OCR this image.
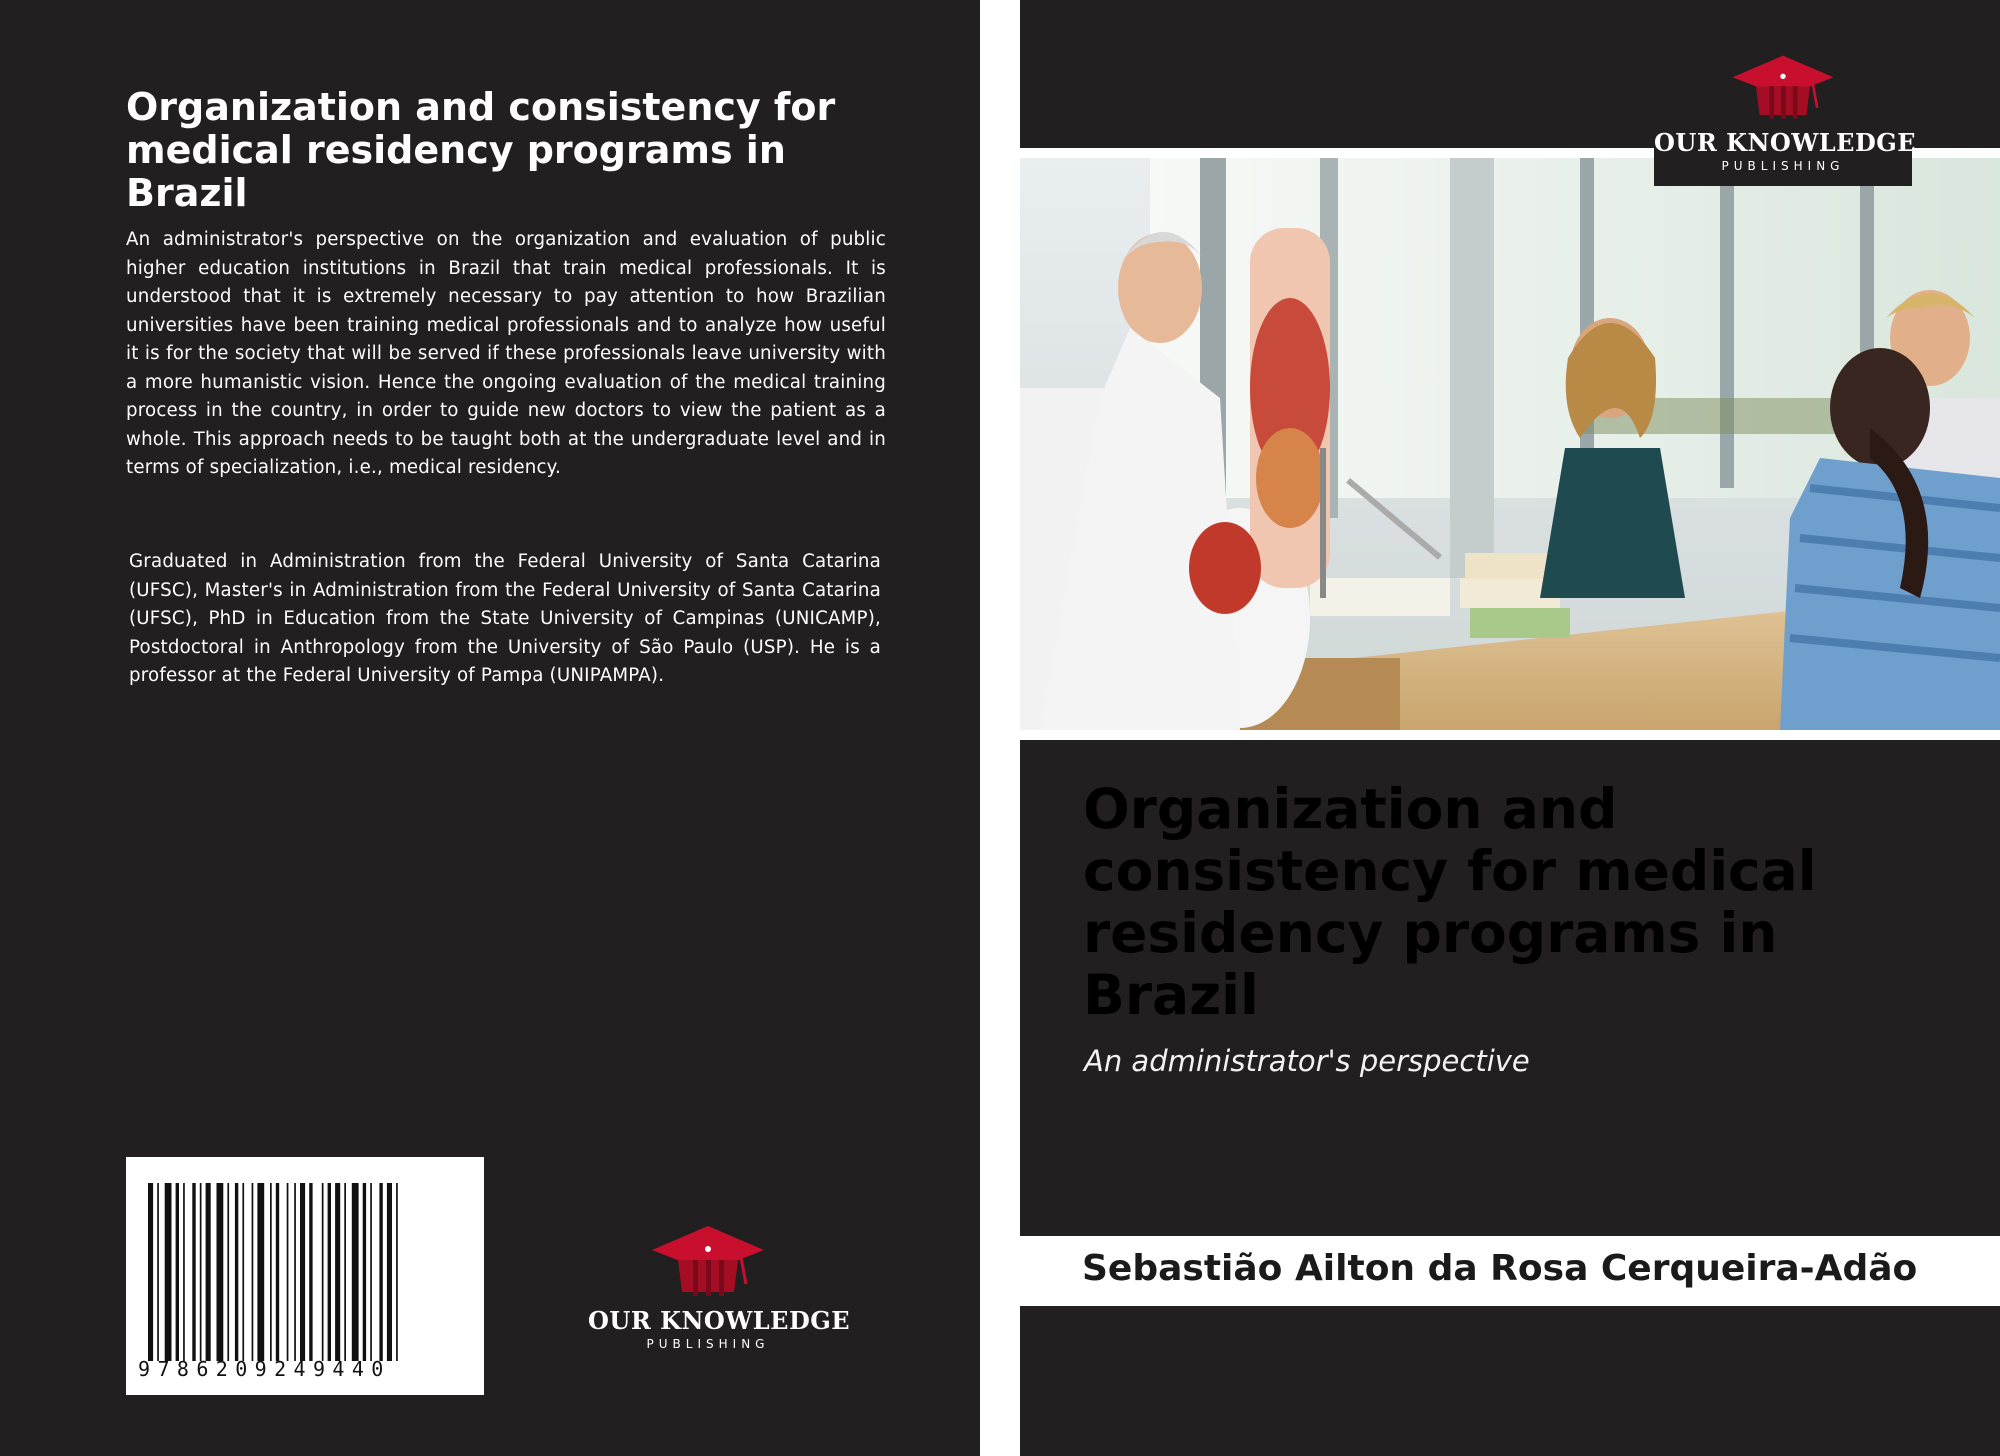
Organization and consistency for medical residency programs in Brazil

An administrator's perspective on the organization and evaluation of public higher education institutions in Brazil that train medical professionals. It is understood that it is extremely necessary to pay attention to how Brazilian universities have been training medical professionals and to analyze how useful it is for the society that will be served if these professionals leave university with a more humanistic vision. Hence the ongoing evaluation of the medical training process in the country, in order to guide new doctors to view the patient as a whole. This approach needs to be taught both at the undergraduate level and in terms of specialization, i.e., medical residency.

Graduated in Administration from the Federal University of Santa Catarina (UFSC), Master's in Administration from the Federal University of Santa Catarina (UFSC), PhD in Education from the State University of Campinas (UNICAMP), Postdoctoral in Anthropology from the University of São Paulo (USP). He is a professor at the Federal University of Pampa (UNIPAMPA).

9786209249440
OUR KNOWLEDGE
PUBLISHING
OUR KNOWLEDGE
PUBLISHING
Organization and consistency for medical residency programs in Brazil
An administrator's perspective

Sebastião Ailton da Rosa Cerqueira-Adão
